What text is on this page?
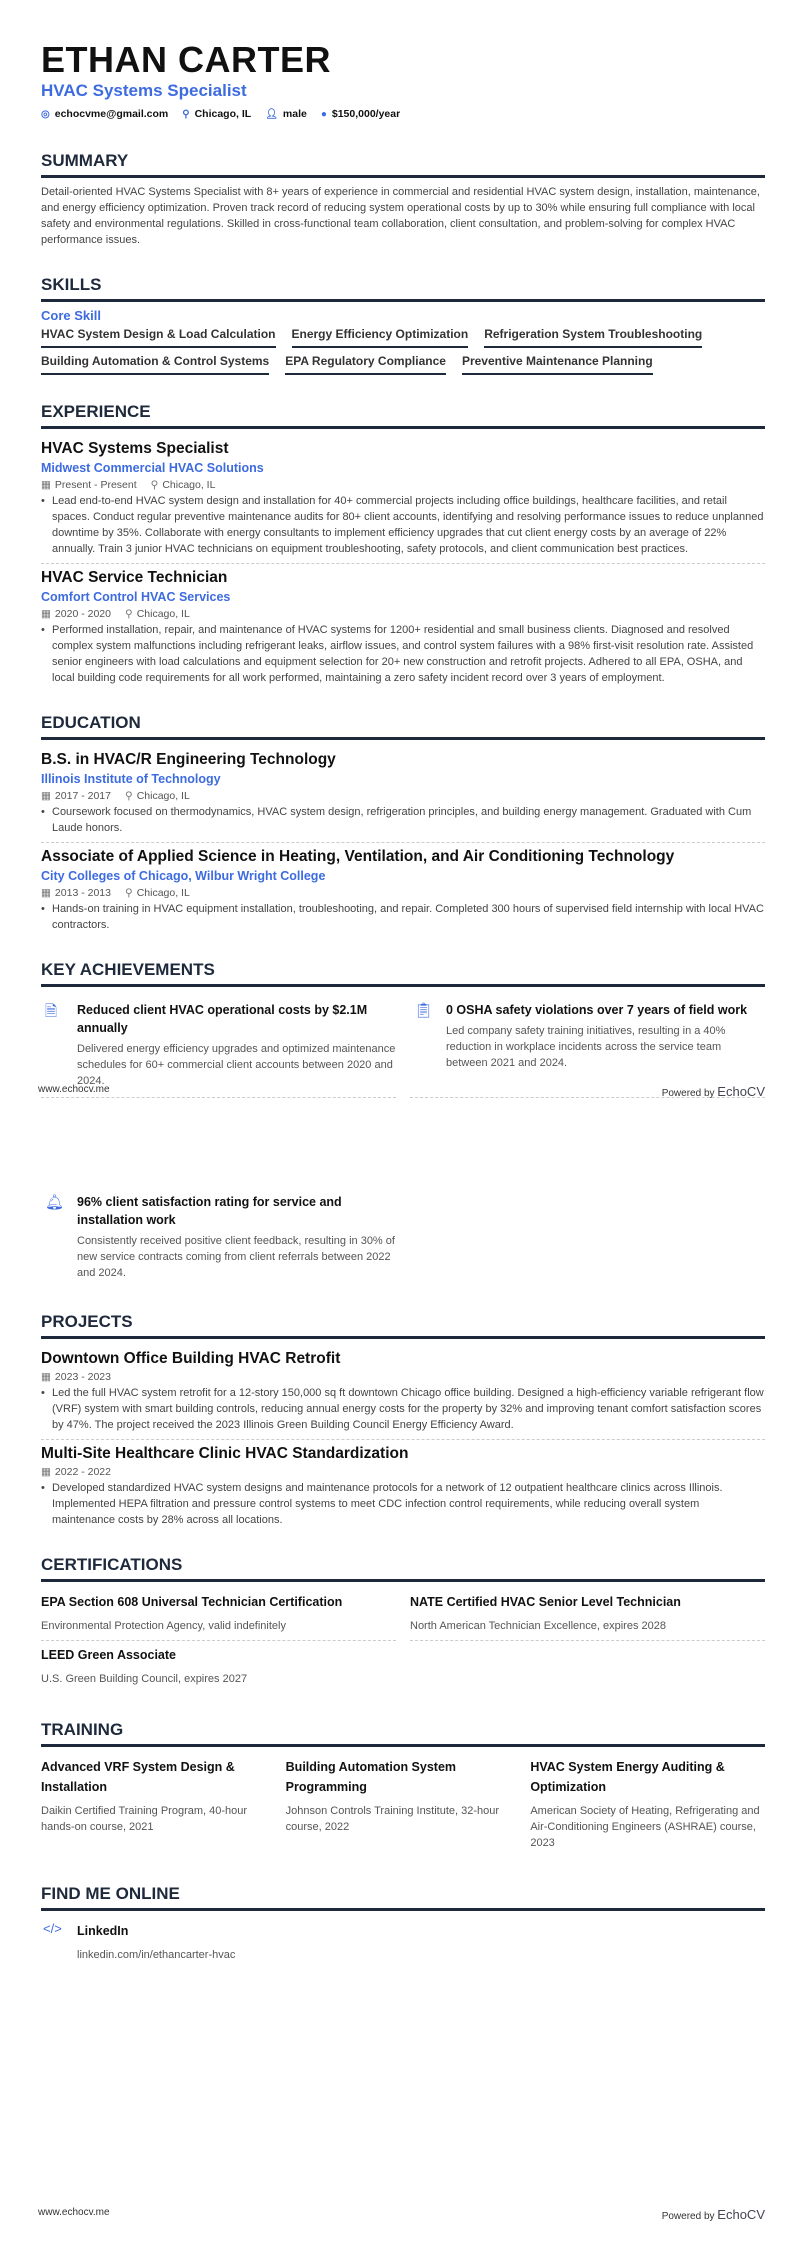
ETHAN CARTER
HVAC Systems Specialist
◎ echocvme@gmail.com ⚲ Chicago, IL 👤︎ male ● $150,000/year
SUMMARY
Detail-oriented HVAC Systems Specialist with 8+ years of experience in commercial and residential HVAC system design, installation, maintenance, and energy efficiency optimization. Proven track record of reducing system operational costs by up to 30% while ensuring full compliance with local safety and environmental regulations. Skilled in cross-functional team collaboration, client consultation, and problem-solving for complex HVAC performance issues.
SKILLS
Core Skill
HVAC System Design & Load Calculation Energy Efficiency Optimization Refrigeration System Troubleshooting
Building Automation & Control Systems EPA Regulatory Compliance Preventive Maintenance Planning
EXPERIENCE
HVAC Systems Specialist
Midwest Commercial HVAC Solutions
▦ Present - Present ⚲ Chicago, IL
• Lead end-to-end HVAC system design and installation for 40+ commercial projects including office buildings, healthcare facilities, and retail spaces. Conduct regular preventive maintenance audits for 80+ client accounts, identifying and resolving performance issues to reduce unplanned downtime by 35%. Collaborate with energy consultants to implement efficiency upgrades that cut client energy costs by an average of 22% annually. Train 3 junior HVAC technicians on equipment troubleshooting, safety protocols, and client communication best practices.
HVAC Service Technician
Comfort Control HVAC Services
▦ 2020 - 2020 ⚲ Chicago, IL
• Performed installation, repair, and maintenance of HVAC systems for 1200+ residential and small business clients. Diagnosed and resolved complex system malfunctions including refrigerant leaks, airflow issues, and control system failures with a 98% first-visit resolution rate. Assisted senior engineers with load calculations and equipment selection for 20+ new construction and retrofit projects. Adhered to all EPA, OSHA, and local building code requirements for all work performed, maintaining a zero safety incident record over 3 years of employment.
EDUCATION
B.S. in HVAC/R Engineering Technology
Illinois Institute of Technology
▦ 2017 - 2017 ⚲ Chicago, IL
• Coursework focused on thermodynamics, HVAC system design, refrigeration principles, and building energy management. Graduated with Cum Laude honors.
Associate of Applied Science in Heating, Ventilation, and Air Conditioning Technology
City Colleges of Chicago, Wilbur Wright College
▦ 2013 - 2013 ⚲ Chicago, IL
• Hands-on training in HVAC equipment installation, troubleshooting, and repair. Completed 300 hours of supervised field internship with local HVAC contractors.
KEY ACHIEVEMENTS
🗎︎	Reduced client HVAC operational costs by $2.1M annually
Delivered energy efficiency upgrades and optimized maintenance schedules for 60+ commercial client accounts between 2020 and 2024.
📋︎	0 OSHA safety violations over 7 years of field work
Led company safety training initiatives, resulting in a 40% reduction in workplace incidents across the service team between 2021 and 2024.
www.echocv.me	Powered by EchoCV
🔔︎	96% client satisfaction rating for service and installation work
Consistently received positive client feedback, resulting in 30% of new service contracts coming from client referrals between 2022 and 2024.
PROJECTS
Downtown Office Building HVAC Retrofit
▦ 2023 - 2023
• Led the full HVAC system retrofit for a 12-story 150,000 sq ft downtown Chicago office building. Designed a high-efficiency variable refrigerant flow (VRF) system with smart building controls, reducing annual energy costs for the property by 32% and improving tenant comfort satisfaction scores by 47%. The project received the 2023 Illinois Green Building Council Energy Efficiency Award.
Multi-Site Healthcare Clinic HVAC Standardization
▦ 2022 - 2022
• Developed standardized HVAC system designs and maintenance protocols for a network of 12 outpatient healthcare clinics across Illinois. Implemented HEPA filtration and pressure control systems to meet CDC infection control requirements, while reducing overall system maintenance costs by 28% across all locations.
CERTIFICATIONS
EPA Section 608 Universal Technician Certification
Environmental Protection Agency, valid indefinitely
NATE Certified HVAC Senior Level Technician
North American Technician Excellence, expires 2028
LEED Green Associate
U.S. Green Building Council, expires 2027
TRAINING
Advanced VRF System Design & Installation
Daikin Certified Training Program, 40-hour hands-on course, 2021
Building Automation System Programming
Johnson Controls Training Institute, 32-hour course, 2022
HVAC System Energy Auditing & Optimization
American Society of Heating, Refrigerating and Air-Conditioning Engineers (ASHRAE) course, 2023
FIND ME ONLINE
</>	LinkedIn
linkedin.com/in/ethancarter-hvac
www.echocv.me	Powered by EchoCV
